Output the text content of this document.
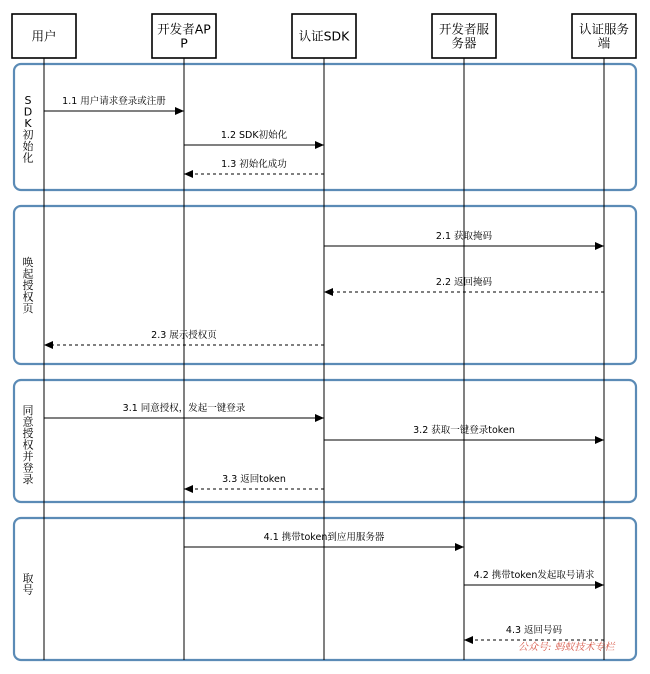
S D K 初始化
唤起授权页
同意授权并登录
取号
用户	开发者AP P	认证SDK	开发者服务器
认证服务端
1.1 用户请求登录或注册
1.2 SDK初始化
1.3 初始化成功
2.1 获取掩码
2.2 返回掩码
2.3 展示授权页
3.1 同意授权，发起一键登录
3.2 获取一键登录token
3.3 返回token
4.1 携带token到应用服务器
4.2 携带token发起取号请求
4.3 返回号码
公众号: 蚂蚁技术专栏
